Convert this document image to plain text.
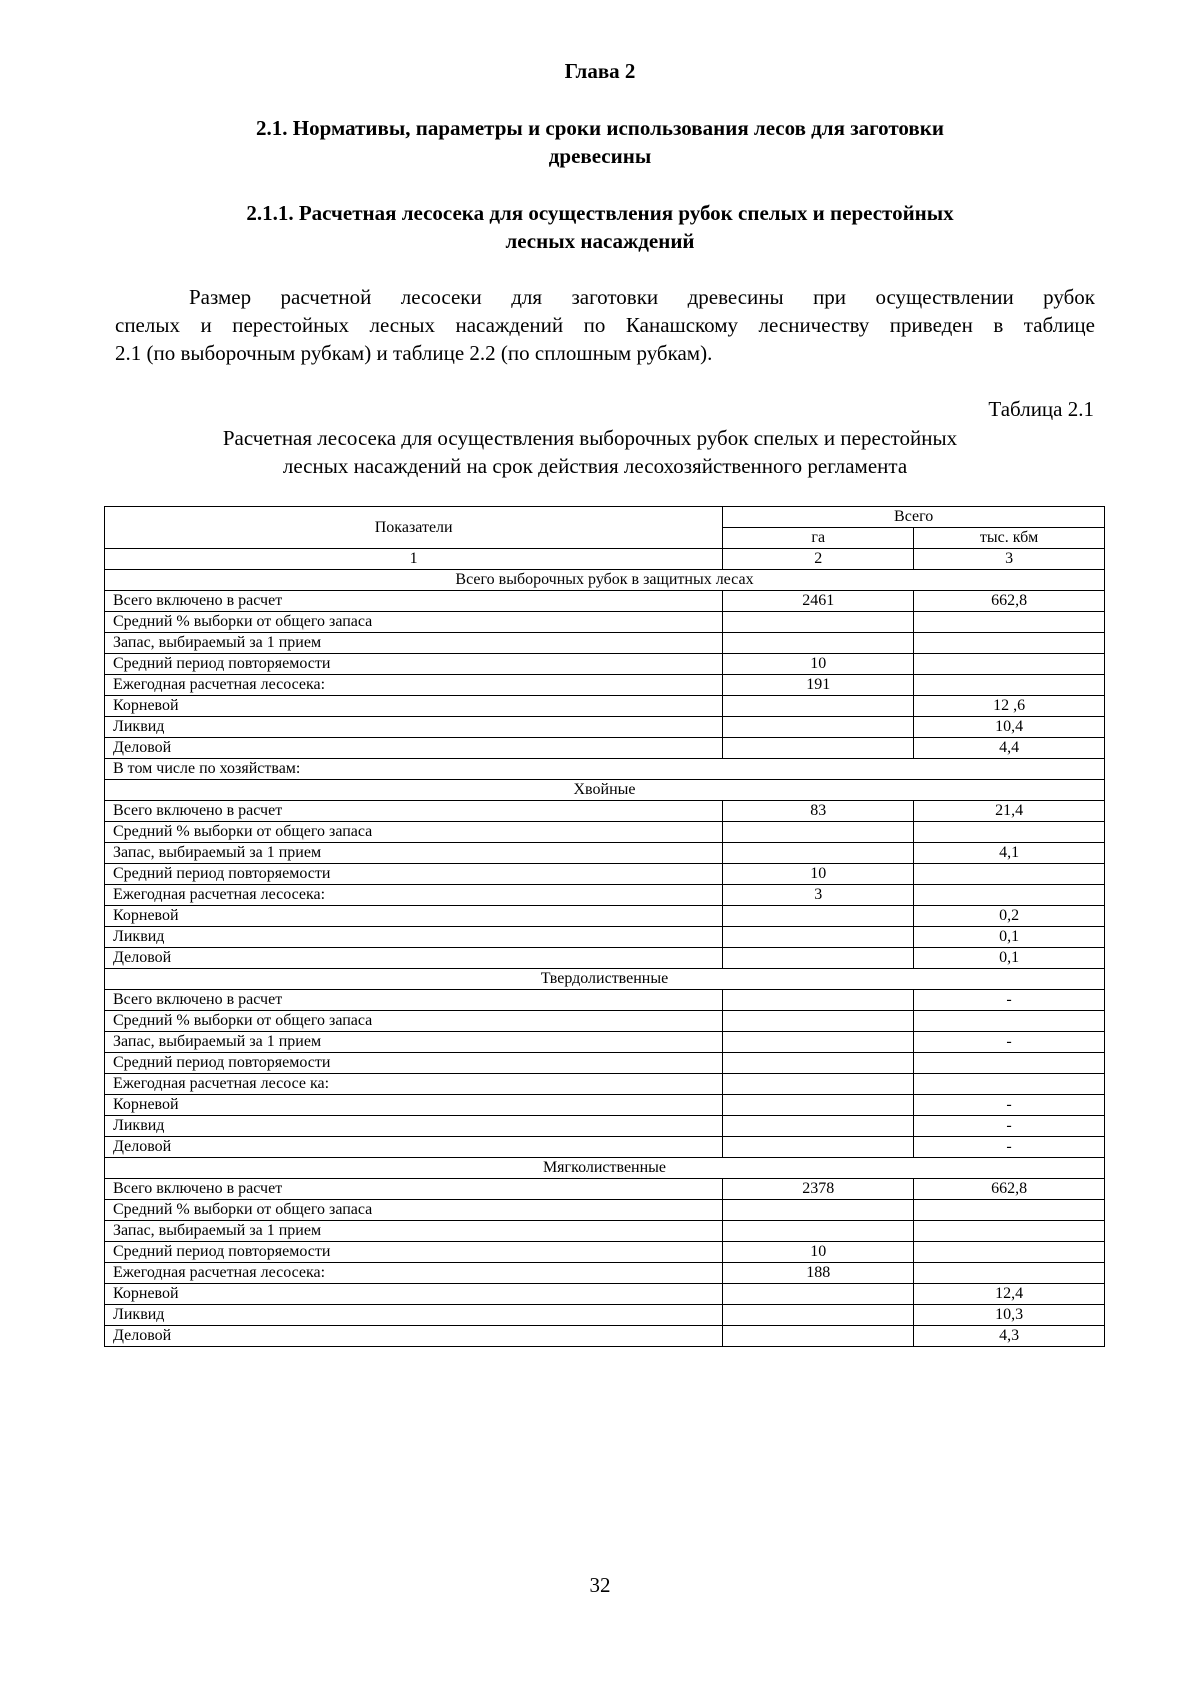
Глава 2
2.1. Нормативы, параметры и сроки использования лесов для заготовки
древесины
2.1.1. Расчетная лесосека для осуществления рубок спелых и перестойных
лесных насаждений
Размер расчетной лесосеки для заготовки древесины при осуществлении рубок
спелых и перестойных лесных насаждений по Канашскому лесничеству приведен в таблице
2.1 (по выборочным рубкам) и таблице 2.2 (по сплошным рубкам).
Таблица 2.1
Расчетная лесосека для осуществления выборочных рубок спелых и перестойных
лесных насаждений на срок действия лесохозяйственного регламента
Показатели	Всего	
	га	тыс. кбм
1	2	3
Всего выборочных рубок в защитных лесах		
Всего включено в расчет	2461	662,8
Средний % выборки от общего запаса		
Запас, выбираемый за 1 прием		
Средний период повторяемости	10	
Ежегодная расчетная лесосека:	191	
Корневой		12 ,6
Ликвид		10,4
Деловой		4,4
В том числе по хозяйствам:		
Хвойные		
Всего включено в расчет	83	21,4
Средний % выборки от общего запаса		
Запас, выбираемый за 1 прием		4,1
Средний период повторяемости	10	
Ежегодная расчетная лесосека:	3	
Корневой		0,2
Ликвид		0,1
Деловой		0,1
Твердолиственные		
Всего включено в расчет		-
Средний % выборки от общего запаса		
Запас, выбираемый за 1 прием		-
Средний период повторяемости		
Ежегодная расчетная лесосе ка:		
Корневой		-
Ликвид		-
Деловой		-
Мягколиственные		
Всего включено в расчет	2378	662,8
Средний % выборки от общего запаса		
Запас, выбираемый за 1 прием		
Средний период повторяемости	10	
Ежегодная расчетная лесосека:	188	
Корневой		12,4
Ликвид		10,3
Деловой		4,3
32
